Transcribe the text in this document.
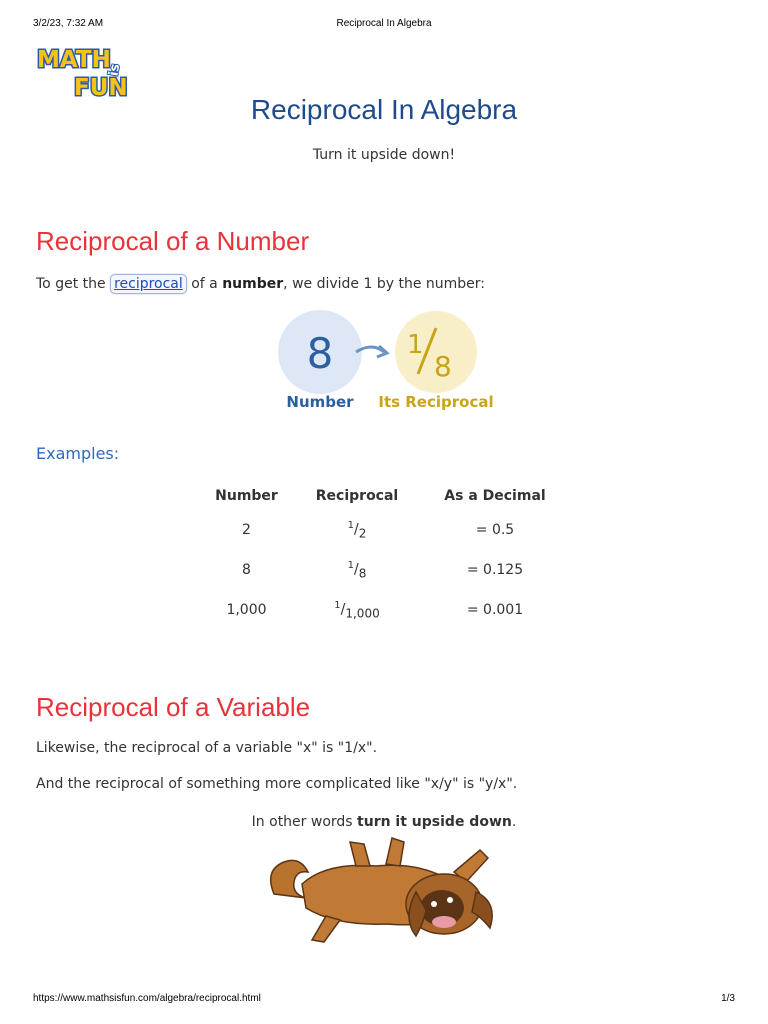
3/2/23, 7:32 AM	Reciprocal In Algebra
MATH
FUN
is
Reciprocal In Algebra
Turn it upside down!
Reciprocal of a Number
To get the reciprocal of a number, we divide 1 by the number:
8	1
8
Number Its Reciprocal
Examples:
Number	Reciprocal	As a Decimal
2	$^1/_2$	= 0.5
8	$^1/_8$	= 0.125
1,000	$^1/_{1,000}$	= 0.001
Reciprocal of a Variable
Likewise, the reciprocal of a variable "x" is "1/x".
And the reciprocal of something more complicated like "x/y" is "y/x".
In other words turn it upside down.
https://www.mathsisfun.com/algebra/reciprocal.html	1/3
